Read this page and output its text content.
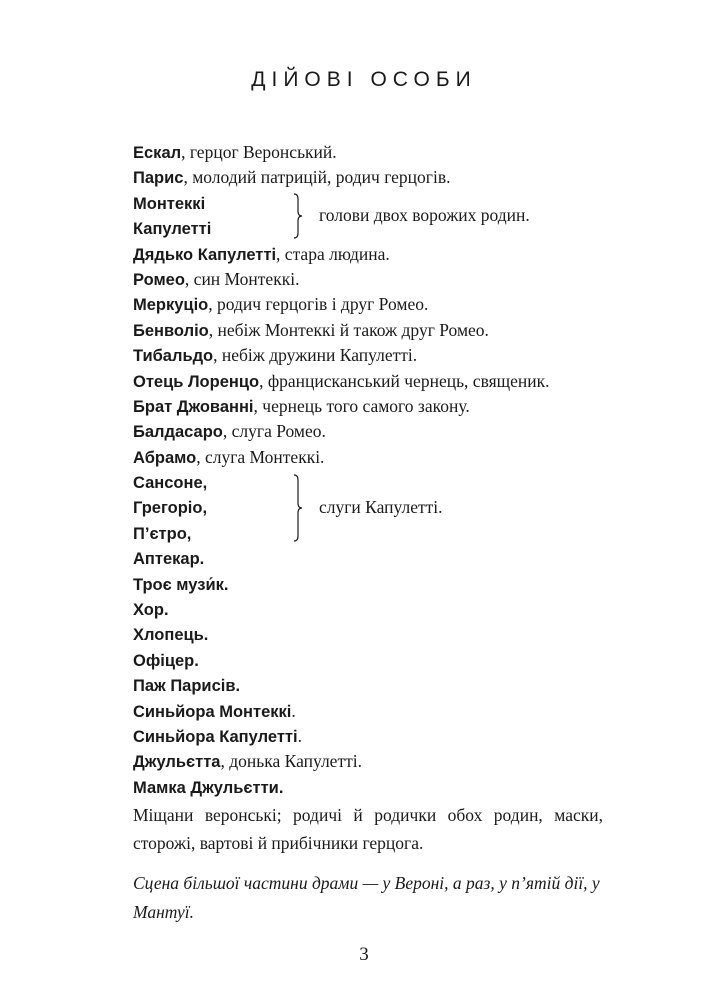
ДІЙОВІ ОСОБИ
Ескал, герцог Веронський.
Парис, молодий патрицій, родич герцогів.
Монтеккі
Капулетті
голови двох ворожих родин.
Дядько Капулетті, стара людина.
Ромео, син Монтеккі.
Меркуціо, родич герцогів і друг Ромео.
Бенволіо, небіж Монтеккі й також друг Ромео.
Тибальдо, небіж дружини Капулетті.
Отець Лоренцо, францисканський чернець, священик.
Брат Джованні, чернець того самого закону.
Балдасаро, слуга Ромео.
Абрамо, слуга Монтеккі.
Сансоне,
Грегоріо,
П’єтро,
слуги Капулетті.
Аптекар.
Троє музи́к.
Хор.
Хлопець.
Офіцер.
Паж Парисів.
Синьйора Монтеккі.
Синьйора Капулетті.
Джульєтта, донька Капулетті.
Мамка Джульєтти.
Міщани веронські; родичі й родички обох родин, маски, сторожі, вартові й прибічники герцога.
Сцена більшої частини драми — у Вероні, а раз, у п’ятій дії, у Мантуї.
3
